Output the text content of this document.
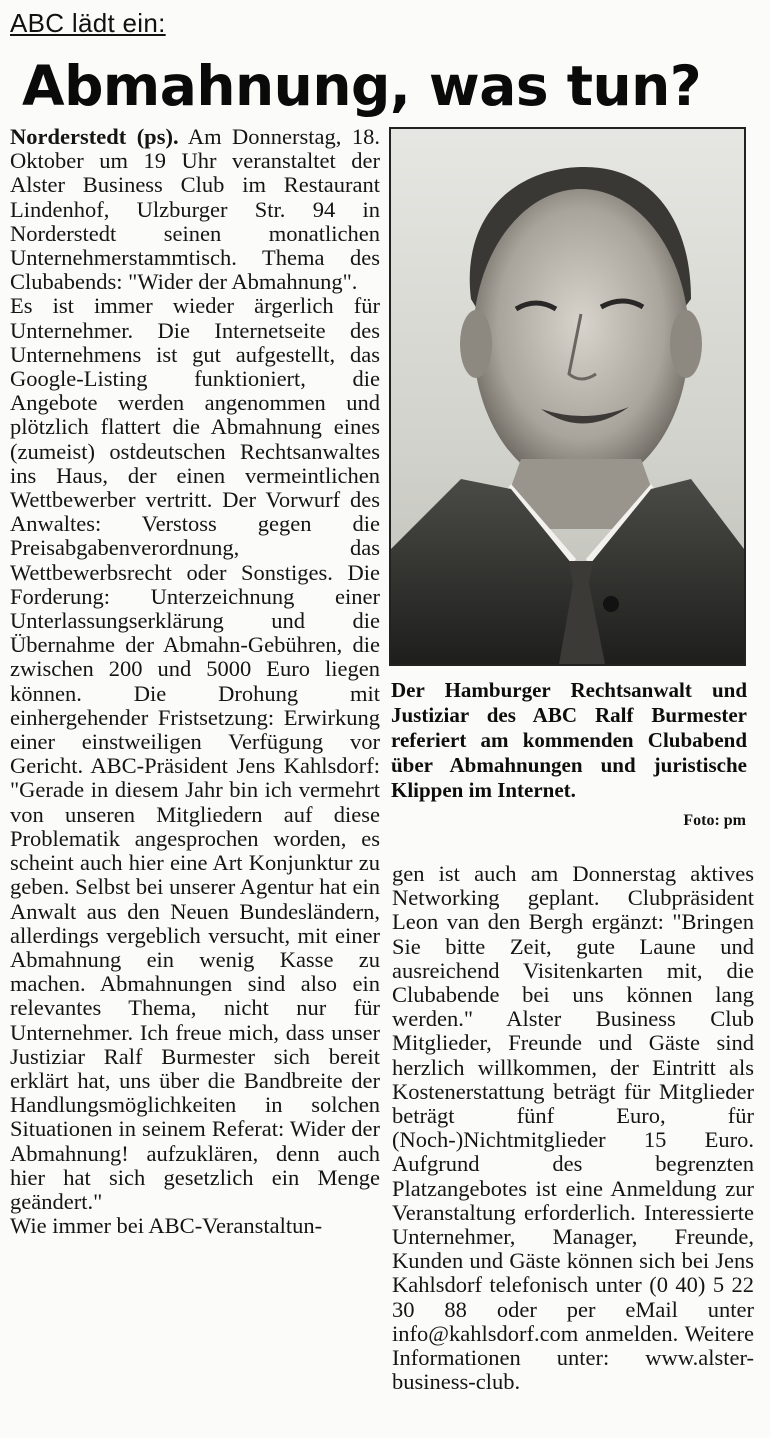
ABC lädt ein:
Abmahnung, was tun?

Norderstedt (ps). Am Donnerstag, 18. Oktober um 19 Uhr veranstaltet der Alster Business Club im Restaurant Lindenhof, Ulzburger Str. 94 in Norderstedt seinen monatlichen Unternehmerstammtisch. Thema des Clubabends: "Wider der Abmahnung".

Es ist immer wieder ärgerlich für Unternehmer. Die Internetseite des Unternehmens ist gut aufgestellt, das Google-Listing funktioniert, die Angebote werden angenommen und plötzlich flattert die Abmahnung eines (zumeist) ostdeutschen Rechtsanwaltes ins Haus, der einen vermeintlichen Wettbewerber vertritt. Der Vorwurf des Anwaltes: Verstoss gegen die Preisabgabenverordnung, das Wettbewerbsrecht oder Sonstiges. Die Forderung: Unterzeichnung einer Unterlassungserklärung und die Übernahme der Abmahn-Gebühren, die zwischen 200 und 5000 Euro liegen können. Die Drohung mit einhergehender Fristsetzung: Erwirkung einer einstweiligen Verfügung vor Gericht. ABC-Präsident Jens Kahlsdorf: "Gerade in diesem Jahr bin ich vermehrt von unseren Mitgliedern auf diese Problematik angesprochen worden, es scheint auch hier eine Art Konjunktur zu geben. Selbst bei unserer Agentur hat ein Anwalt aus den Neuen Bundesländern, allerdings vergeblich versucht, mit einer Abmahnung ein wenig Kasse zu machen. Abmahnungen sind also ein relevantes Thema, nicht nur für Unternehmer. Ich freue mich, dass unser Justiziar Ralf Burmester sich bereit erklärt hat, uns über die Bandbreite der Handlungsmöglichkeiten in solchen Situationen in seinem Referat: Wider der Abmahnung! aufzuklären, denn auch hier hat sich gesetzlich ein Menge geändert."

Wie immer bei ABC-Veranstaltun-

Der Hamburger Rechtsanwalt und Justiziar des ABC Ralf Burmester referiert am kommenden Clubabend über Abmahnungen und juristische Klippen im Internet.
Foto: pm

gen ist auch am Donnerstag aktives Networking geplant. Clubpräsident Leon van den Bergh ergänzt: "Bringen Sie bitte Zeit, gute Laune und ausreichend Visitenkarten mit, die Clubabende bei uns können lang werden." Alster Business Club Mitglieder, Freunde und Gäste sind herzlich willkommen, der Eintritt als Kostenerstattung beträgt für Mitglieder beträgt fünf Euro, für (Noch-)Nichtmitglieder 15 Euro. Aufgrund des begrenzten Platzangebotes ist eine Anmeldung zur Veranstaltung erforderlich. Interessierte Unternehmer, Manager, Freunde, Kunden und Gäste können sich bei Jens Kahlsdorf telefonisch unter (0 40) 5 22 30 88 oder per eMail unter info@kahlsdorf.com anmelden. Weitere Informationen unter: www.alster-business-club.
